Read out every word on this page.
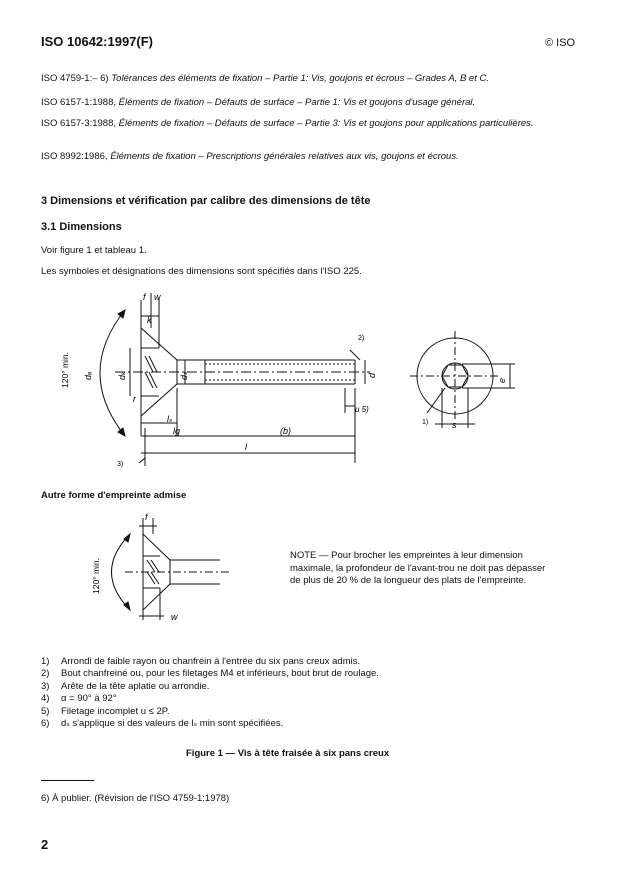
ISO 10642:1997(F)	© ISO
ISO 4759-1:– 6) Tolérances des éléments de fixation – Partie 1: Vis, goujons et écrous – Grades A, B et C.
ISO 6157-1:1988, Éléments de fixation – Défauts de surface – Partie 1: Vis et goujons d'usage général.
ISO 6157-3:1988, Éléments de fixation – Défauts de surface – Partie 3: Vis et goujons pour applications particulières.
ISO 8992:1986, Éléments de fixation – Prescriptions générales relatives aux vis, goujons et écrous.
3 Dimensions et vérification par calibre des dimensions de tête
3.1 Dimensions
Voir figure 1 et tableau 1.
Les symboles et désignations des dimensions sont spécifiés dans l'ISO 225.
f w
k
120° min. dₐ	dₖ	dₛ
r
lₛ
lɡ	(b)
l
d
u 5)
2)
3)
e
s
1)
Autre forme d'empreinte admise
f
w
120° min.
NOTE — Pour brocher les empreintes à leur dimension maximale, la profondeur de l'avant-trou ne doit pas dépasser de plus de 20 % de la longueur des plats de l'empreinte.
1)	Arrondi de faible rayon ou chanfrein à l'entrée du six pans creux admis.
2)	Bout chanfreiné ou, pour les filetages M4 et inférieurs, bout brut de roulage.
3)	Arête de la tête aplatie ou arrondie.
4)	α = 90° à 92°
5)	Filetage incomplet u ≤ 2P.
6)	dₛ s'applique si des valeurs de lₛ min sont spécifiées.
Figure 1 — Vis à tête fraisée à six pans creux
6) À publier. (Révision de l'ISO 4759-1:1978)
2
